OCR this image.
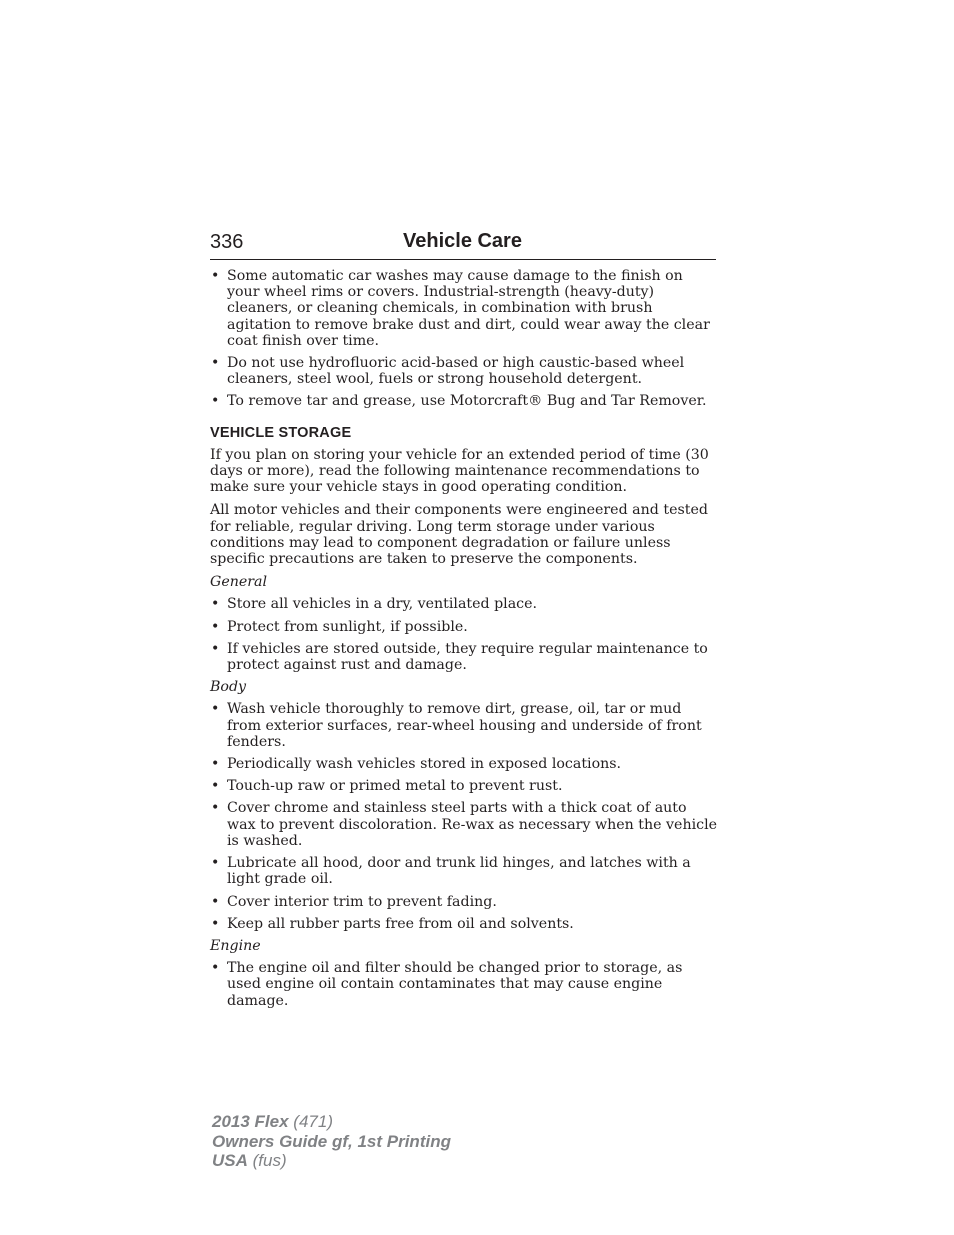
336	Vehicle Care
• Some automatic car washes may cause damage to the finish on your wheel rims or covers. Industrial-strength (heavy-duty) cleaners, or cleaning chemicals, in combination with brush agitation to remove brake dust and dirt, could wear away the clear coat finish over time.
• Do not use hydrofluoric acid-based or high caustic-based wheel cleaners, steel wool, fuels or strong household detergent.
• To remove tar and grease, use Motorcraft® Bug and Tar Remover.
VEHICLE STORAGE

If you plan on storing your vehicle for an extended period of time (30 days or more), read the following maintenance recommendations to make sure your vehicle stays in good operating condition.

All motor vehicles and their components were engineered and tested for reliable, regular driving. Long term storage under various conditions may lead to component degradation or failure unless specific precautions are taken to preserve the components.

General
• Store all vehicles in a dry, ventilated place.
• Protect from sunlight, if possible.
• If vehicles are stored outside, they require regular maintenance to protect against rust and damage.
Body
• Wash vehicle thoroughly to remove dirt, grease, oil, tar or mud from exterior surfaces, rear-wheel housing and underside of front fenders.
• Periodically wash vehicles stored in exposed locations.
• Touch-up raw or primed metal to prevent rust.
• Cover chrome and stainless steel parts with a thick coat of auto wax to prevent discoloration. Re-wax as necessary when the vehicle is washed.
• Lubricate all hood, door and trunk lid hinges, and latches with a light grade oil.
• Cover interior trim to prevent fading.
• Keep all rubber parts free from oil and solvents.
Engine
• The engine oil and filter should be changed prior to storage, as used engine oil contain contaminates that may cause engine damage.
2013 Flex (471)
Owners Guide gf, 1st Printing
USA (fus)
